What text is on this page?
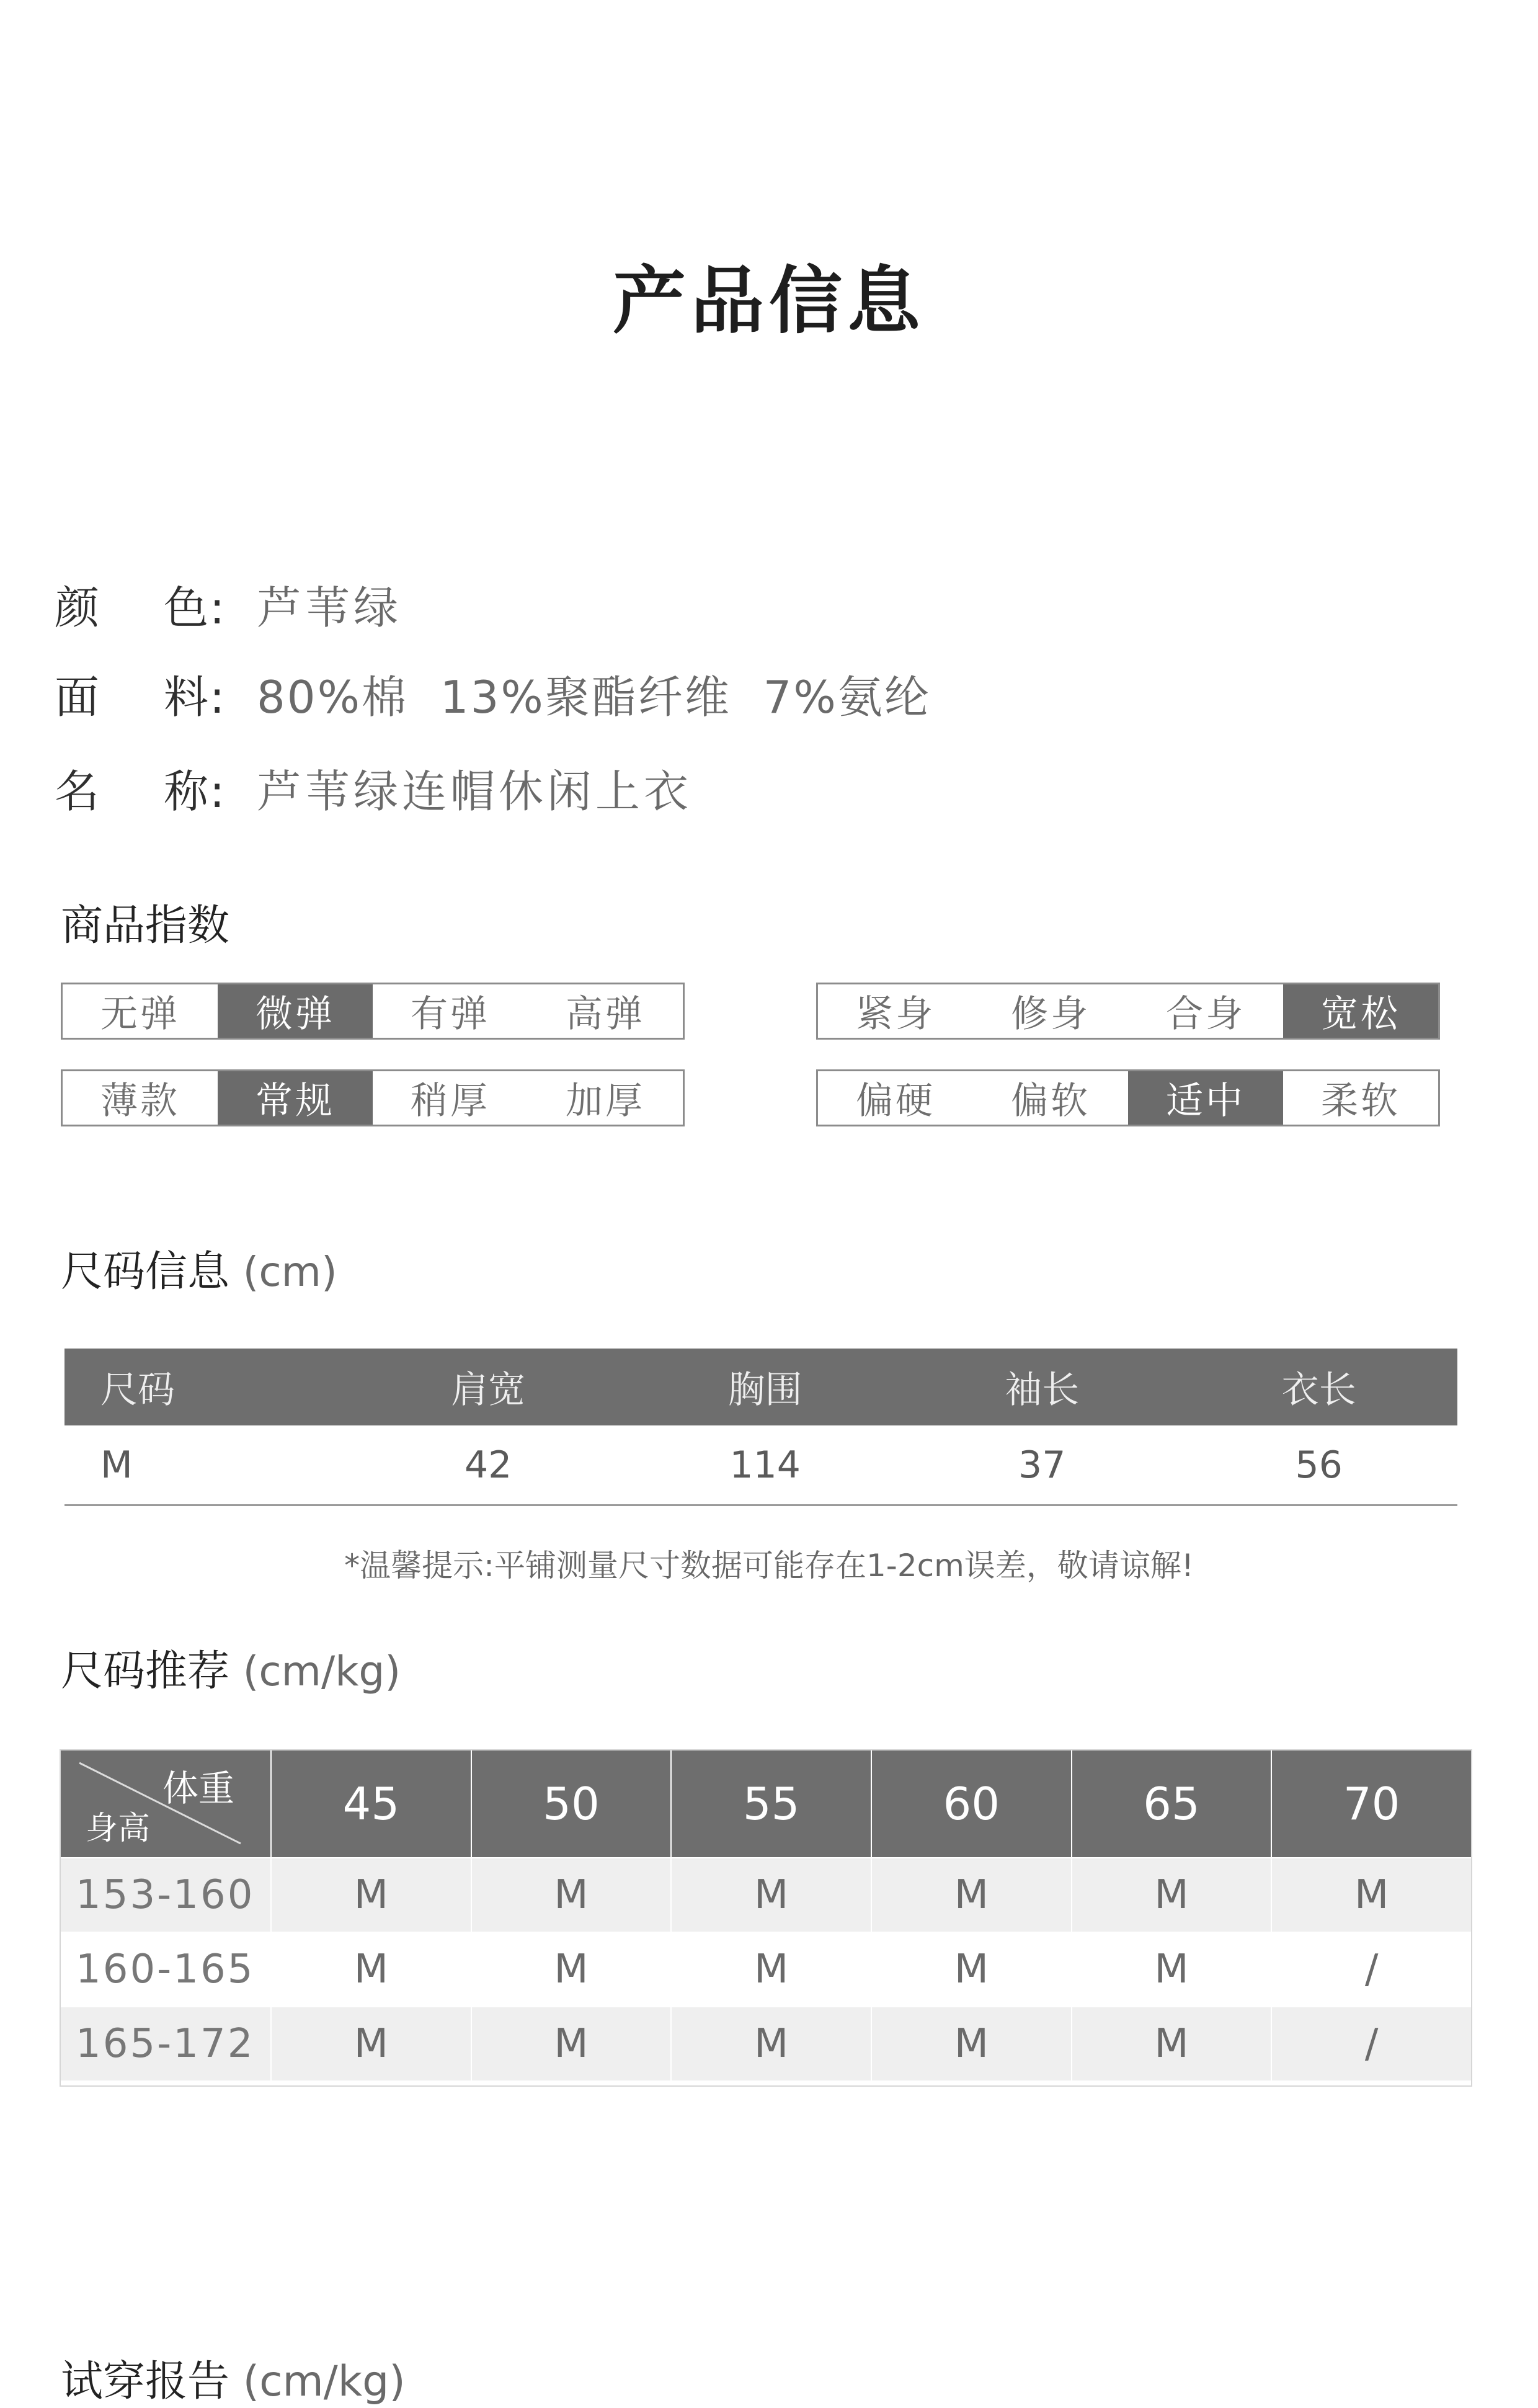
产品信息
颜 色: 芦苇绿
面 料: 80%棉  13%聚酯纤维  7%氨纶
名 称: 芦苇绿连帽休闲上衣
商品指数
无弹	微弹	有弹	高弹	紧身	修身	合身	宽松
薄款	常规	稍厚	加厚	偏硬	偏软	适中	柔软
尺码信息 (cm)
尺码	肩宽	胸围	袖长	衣长
M	42	114	37	56
*温馨提示:平铺测量尺寸数据可能存在1-2cm误差，敬请谅解!
尺码推荐 (cm/kg)
体重
身高	45	50	55	60	65	70
153-160	M	M	M	M	M	M
160-165	M	M	M	M	M	/
165-172	M	M	M	M	M	/
试穿报告 (cm/kg)
